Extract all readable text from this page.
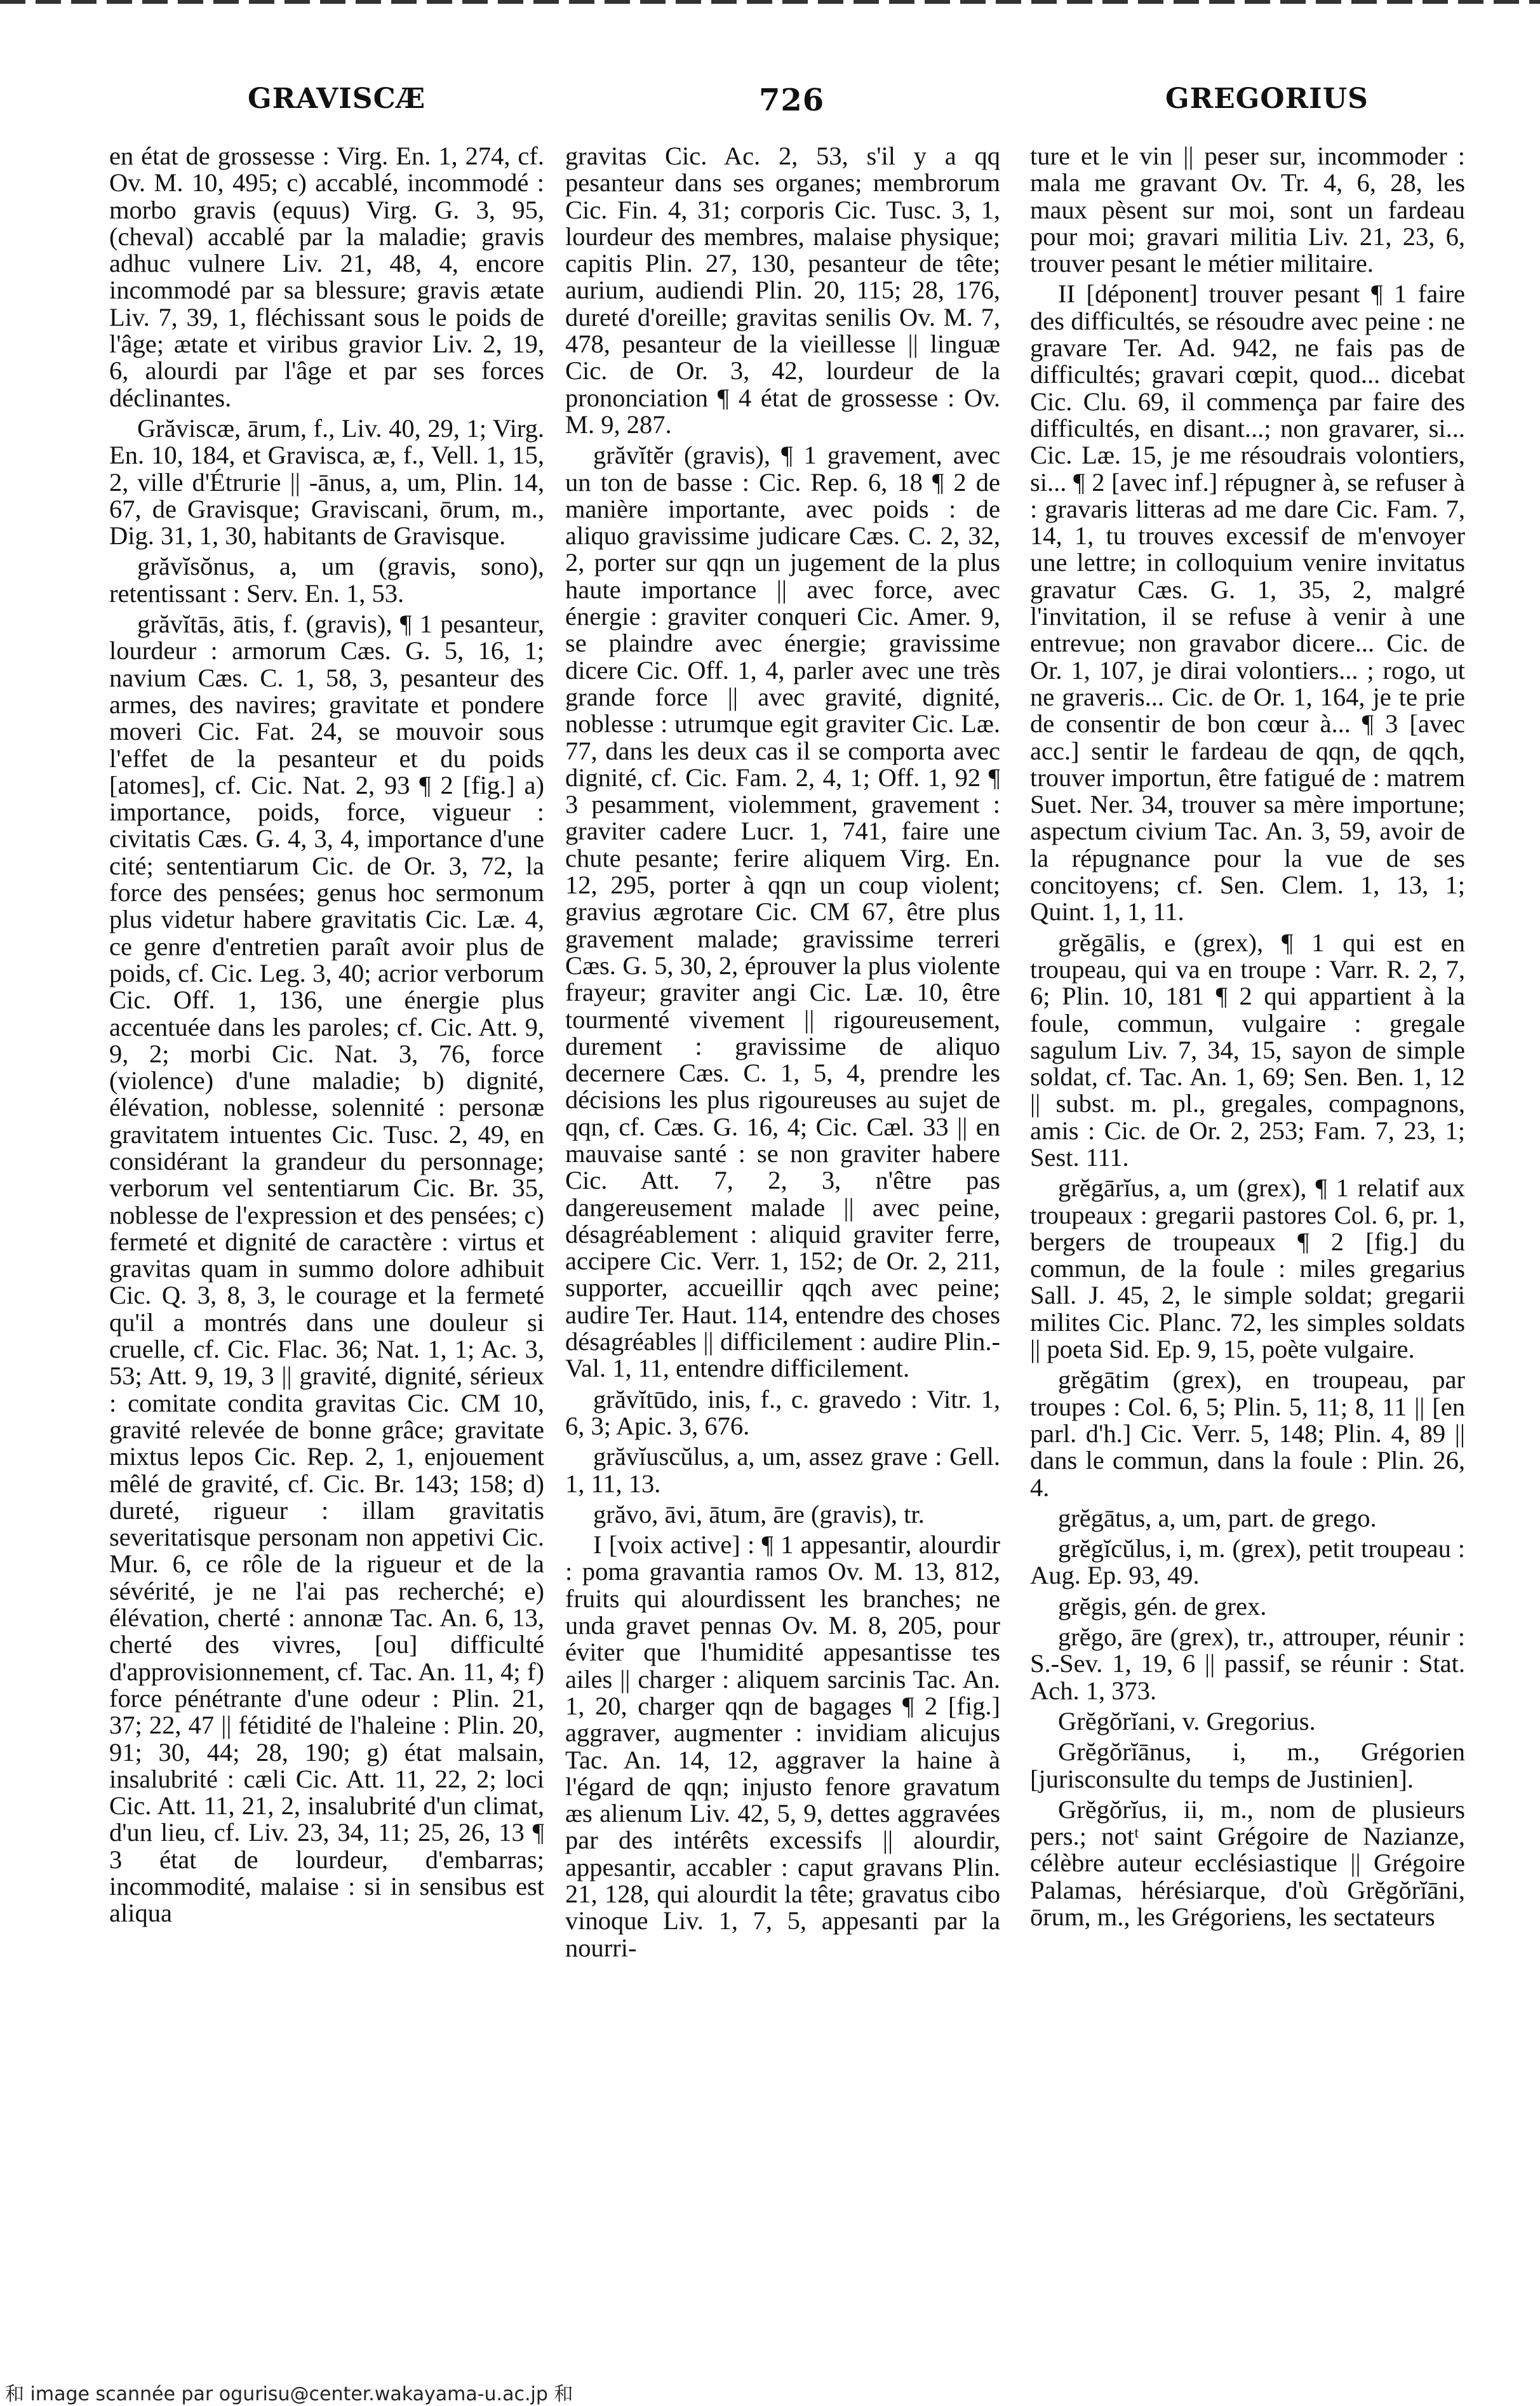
GRAVISCÆ	726	GREGORIUS

en état de grossesse : Virg. En. 1, 274, cf. Ov. M. 10, 495; c) accablé, incommodé : morbo gravis (equus) Virg. G. 3, 95, (cheval) accablé par la maladie; gravis adhuc vulnere Liv. 21, 48, 4, encore incommodé par sa blessure; gravis ætate Liv. 7, 39, 1, fléchissant sous le poids de l'âge; ætate et viribus gravior Liv. 2, 19, 6, alourdi par l'âge et par ses forces déclinantes.

Grăviscæ, ārum, f., Liv. 40, 29, 1; Virg. En. 10, 184, et Gravisca, æ, f., Vell. 1, 15, 2, ville d'Étrurie || -ānus, a, um, Plin. 14, 67, de Gravisque; Graviscani, ōrum, m., Dig. 31, 1, 30, habitants de Gravisque.

grăvĭsŏnus, a, um (gravis, sono), retentissant : Serv. En. 1, 53.

grăvĭtās, ātis, f. (gravis), ¶ 1 pesanteur, lourdeur : armorum Cæs. G. 5, 16, 1; navium Cæs. C. 1, 58, 3, pesanteur des armes, des navires; gravitate et pondere moveri Cic. Fat. 24, se mouvoir sous l'effet de la pesanteur et du poids [atomes], cf. Cic. Nat. 2, 93 ¶ 2 [fig.] a) importance, poids, force, vigueur : civitatis Cæs. G. 4, 3, 4, importance d'une cité; sententiarum Cic. de Or. 3, 72, la force des pensées; genus hoc sermonum plus videtur habere gravitatis Cic. Læ. 4, ce genre d'entretien paraît avoir plus de poids, cf. Cic. Leg. 3, 40; acrior verborum Cic. Off. 1, 136, une énergie plus accentuée dans les paroles; cf. Cic. Att. 9, 9, 2; morbi Cic. Nat. 3, 76, force (violence) d'une maladie; b) dignité, élévation, noblesse, solennité : personæ gravitatem intuentes Cic. Tusc. 2, 49, en considérant la grandeur du personnage; verborum vel sententiarum Cic. Br. 35, noblesse de l'expression et des pensées; c) fermeté et dignité de caractère : virtus et gravitas quam in summo dolore adhibuit Cic. Q. 3, 8, 3, le courage et la fermeté qu'il a montrés dans une douleur si cruelle, cf. Cic. Flac. 36; Nat. 1, 1; Ac. 3, 53; Att. 9, 19, 3 || gravité, dignité, sérieux : comitate condita gravitas Cic. CM 10, gravité relevée de bonne grâce; gravitate mixtus lepos Cic. Rep. 2, 1, enjouement mêlé de gravité, cf. Cic. Br. 143; 158; d) dureté, rigueur : illam gravitatis severitatisque personam non appetivi Cic. Mur. 6, ce rôle de la rigueur et de la sévérité, je ne l'ai pas recherché; e) élévation, cherté : annonæ Tac. An. 6, 13, cherté des vivres, [ou] difficulté d'approvisionnement, cf. Tac. An. 11, 4; f) force pénétrante d'une odeur : Plin. 21, 37; 22, 47 || fétidité de l'haleine : Plin. 20, 91; 30, 44; 28, 190; g) état malsain, insalubrité : cæli Cic. Att. 11, 22, 2; loci Cic. Att. 11, 21, 2, insalubrité d'un climat, d'un lieu, cf. Liv. 23, 34, 11; 25, 26, 13 ¶ 3 état de lourdeur, d'embarras; incommodité, malaise : si in sensibus est aliqua

gravitas Cic. Ac. 2, 53, s'il y a qq pesanteur dans ses organes; membrorum Cic. Fin. 4, 31; corporis Cic. Tusc. 3, 1, lourdeur des membres, malaise physique; capitis Plin. 27, 130, pesanteur de tête; aurium, audiendi Plin. 20, 115; 28, 176, dureté d'oreille; gravitas senilis Ov. M. 7, 478, pesanteur de la vieillesse || linguæ Cic. de Or. 3, 42, lourdeur de la prononciation ¶ 4 état de grossesse : Ov. M. 9, 287.

grăvĭtĕr (gravis), ¶ 1 gravement, avec un ton de basse : Cic. Rep. 6, 18 ¶ 2 de manière importante, avec poids : de aliquo gravissime judicare Cæs. C. 2, 32, 2, porter sur qqn un jugement de la plus haute importance || avec force, avec énergie : graviter conqueri Cic. Amer. 9, se plaindre avec énergie; gravissime dicere Cic. Off. 1, 4, parler avec une très grande force || avec gravité, dignité, noblesse : utrumque egit graviter Cic. Læ. 77, dans les deux cas il se comporta avec dignité, cf. Cic. Fam. 2, 4, 1; Off. 1, 92 ¶ 3 pesamment, violemment, gravement : graviter cadere Lucr. 1, 741, faire une chute pesante; ferire aliquem Virg. En. 12, 295, porter à qqn un coup violent; gravius ægrotare Cic. CM 67, être plus gravement malade; gravissime terreri Cæs. G. 5, 30, 2, éprouver la plus violente frayeur; graviter angi Cic. Læ. 10, être tourmenté vivement || rigoureusement, durement : gravissime de aliquo decernere Cæs. C. 1, 5, 4, prendre les décisions les plus rigoureuses au sujet de qqn, cf. Cæs. G. 16, 4; Cic. Cæl. 33 || en mauvaise santé : se non graviter habere Cic. Att. 7, 2, 3, n'être pas dangereusement malade || avec peine, désagréablement : aliquid graviter ferre, accipere Cic. Verr. 1, 152; de Or. 2, 211, supporter, accueillir qqch avec peine; audire Ter. Haut. 114, entendre des choses désagréables || difficilement : audire Plin.-Val. 1, 11, entendre difficilement.

grăvĭtūdo, inis, f., c. gravedo : Vitr. 1, 6, 3; Apic. 3, 676.

grăvĭuscŭlus, a, um, assez grave : Gell. 1, 11, 13.

grăvo, āvi, ātum, āre (gravis), tr.

I [voix active] : ¶ 1 appesantir, alourdir : poma gravantia ramos Ov. M. 13, 812, fruits qui alourdissent les branches; ne unda gravet pennas Ov. M. 8, 205, pour éviter que l'humidité appesantisse tes ailes || charger : aliquem sarcinis Tac. An. 1, 20, charger qqn de bagages ¶ 2 [fig.] aggraver, augmenter : invidiam alicujus Tac. An. 14, 12, aggraver la haine à l'égard de qqn; injusto fenore gravatum æs alienum Liv. 42, 5, 9, dettes aggravées par des intérêts excessifs || alourdir, appesantir, accabler : caput gravans Plin. 21, 128, qui alourdit la tête; gravatus cibo vinoque Liv. 1, 7, 5, appesanti par la nourri-

ture et le vin || peser sur, incommoder : mala me gravant Ov. Tr. 4, 6, 28, les maux pèsent sur moi, sont un fardeau pour moi; gravari militia Liv. 21, 23, 6, trouver pesant le métier militaire.

II [déponent] trouver pesant ¶ 1 faire des difficultés, se résoudre avec peine : ne gravare Ter. Ad. 942, ne fais pas de difficultés; gravari cœpit, quod... dicebat Cic. Clu. 69, il commença par faire des difficultés, en disant...; non gravarer, si... Cic. Læ. 15, je me résoudrais volontiers, si... ¶ 2 [avec inf.] répugner à, se refuser à : gravaris litteras ad me dare Cic. Fam. 7, 14, 1, tu trouves excessif de m'envoyer une lettre; in colloquium venire invitatus gravatur Cæs. G. 1, 35, 2, malgré l'invitation, il se refuse à venir à une entrevue; non gravabor dicere... Cic. de Or. 1, 107, je dirai volontiers... ; rogo, ut ne graveris... Cic. de Or. 1, 164, je te prie de consentir de bon cœur à... ¶ 3 [avec acc.] sentir le fardeau de qqn, de qqch, trouver importun, être fatigué de : matrem Suet. Ner. 34, trouver sa mère importune; aspectum civium Tac. An. 3, 59, avoir de la répugnance pour la vue de ses concitoyens; cf. Sen. Clem. 1, 13, 1; Quint. 1, 1, 11.

grĕgālis, e (grex), ¶ 1 qui est en troupeau, qui va en troupe : Varr. R. 2, 7, 6; Plin. 10, 181 ¶ 2 qui appartient à la foule, commun, vulgaire : gregale sagulum Liv. 7, 34, 15, sayon de simple soldat, cf. Tac. An. 1, 69; Sen. Ben. 1, 12 || subst. m. pl., gregales, compagnons, amis : Cic. de Or. 2, 253; Fam. 7, 23, 1; Sest. 111.

grĕgārĭus, a, um (grex), ¶ 1 relatif aux troupeaux : gregarii pastores Col. 6, pr. 1, bergers de troupeaux ¶ 2 [fig.] du commun, de la foule : miles gregarius Sall. J. 45, 2, le simple soldat; gregarii milites Cic. Planc. 72, les simples soldats || poeta Sid. Ep. 9, 15, poète vulgaire.

grĕgātim (grex), en troupeau, par troupes : Col. 6, 5; Plin. 5, 11; 8, 11 || [en parl. d'h.] Cic. Verr. 5, 148; Plin. 4, 89 || dans le commun, dans la foule : Plin. 26, 4.

grĕgātus, a, um, part. de grego.

grĕgĭcŭlus, i, m. (grex), petit troupeau : Aug. Ep. 93, 49.

grĕgis, gén. de grex.

grĕgo, āre (grex), tr., attrouper, réunir : S.-Sev. 1, 19, 6 || passif, se réunir : Stat. Ach. 1, 373.

Grĕgŏrĭani, v. Gregorius.

Grĕgŏrĭānus, i, m., Grégorien [jurisconsulte du temps de Justinien].

Grĕgŏrĭus, ii, m., nom de plusieurs pers.; notᵗ saint Grégoire de Nazianze, célèbre auteur ecclésiastique || Grégoire Palamas, hérésiarque, d'où Grĕgŏrĭāni, ōrum, m., les Grégoriens, les sectateurs

和 image scannée par ogurisu@center.wakayama-u.ac.jp 和
